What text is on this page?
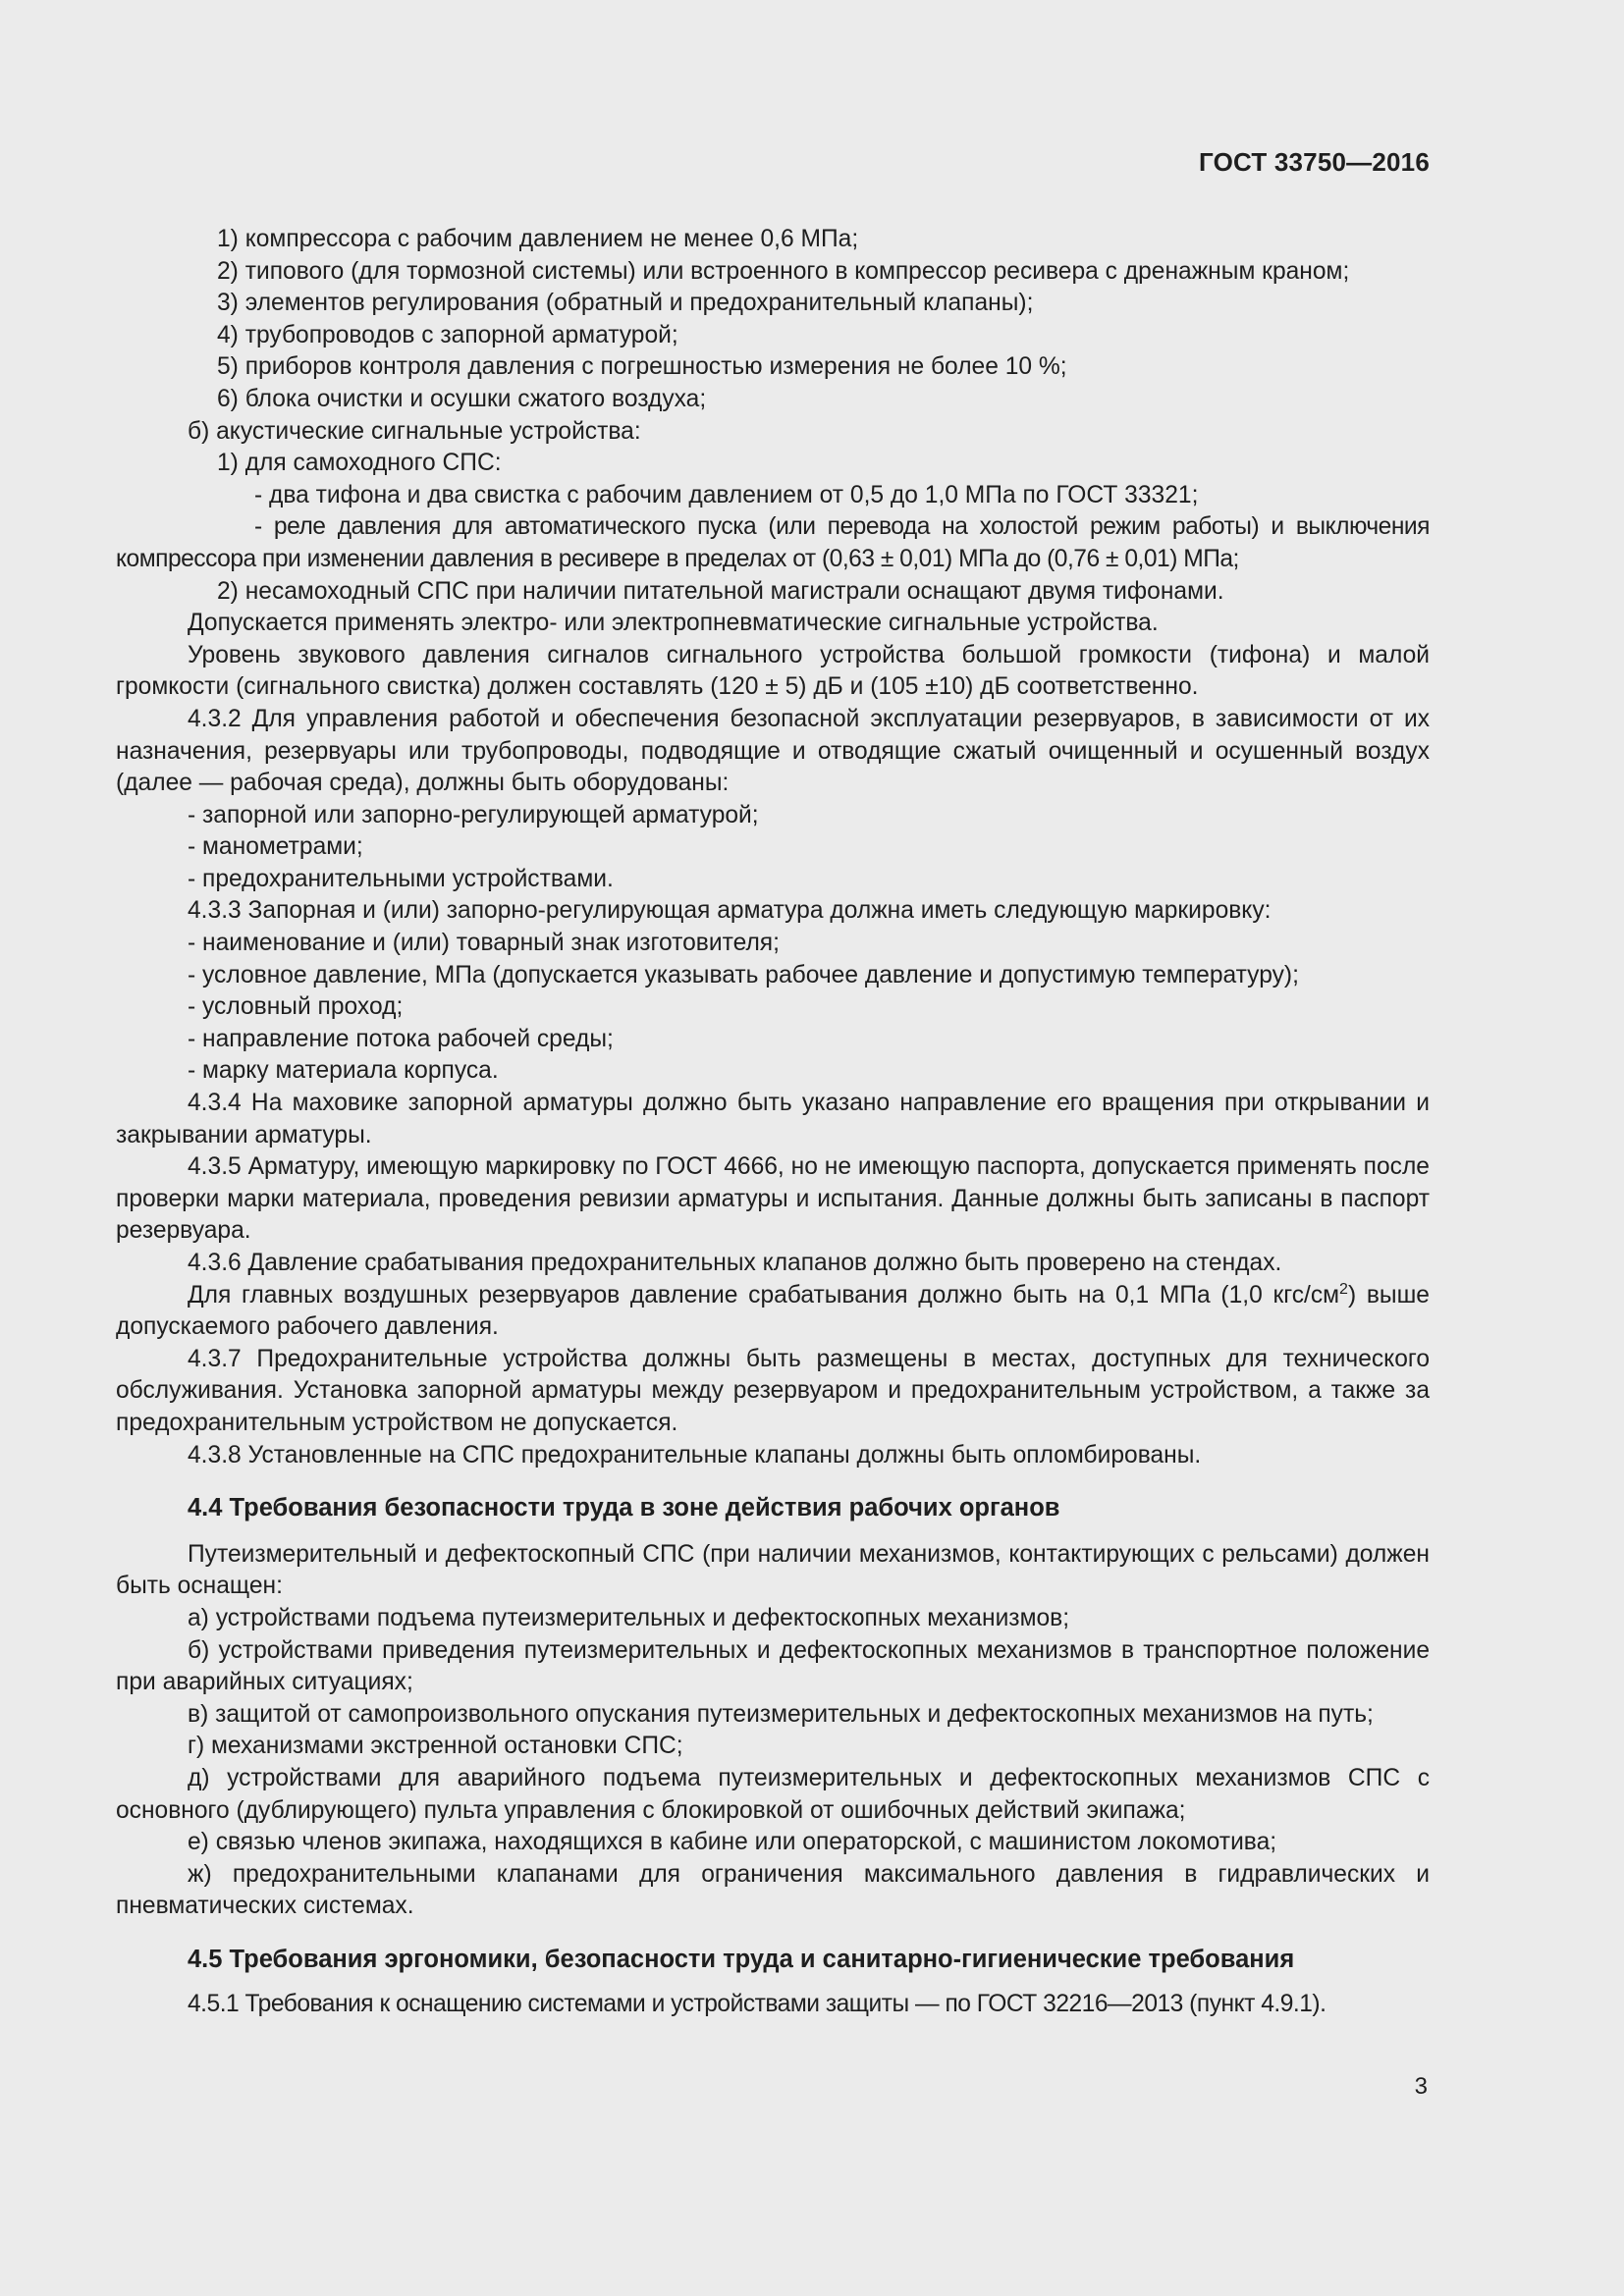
ГОСТ 33750—2016

1) компрессора с рабочим давлением не менее 0,6 МПа;

2) типового (для тормозной системы) или встроенного в компрессор ресивера с дренажным краном;

3) элементов регулирования (обратный и предохранительный клапаны);

4) трубопроводов с запорной арматурой;

5) приборов контроля давления с погрешностью измерения не более 10 %;

6) блока очистки и осушки сжатого воздуха;

б) акустические сигнальные устройства:

1) для самоходного СПС:

- два тифона и два свистка с рабочим давлением от 0,5 до 1,0 МПа по ГОСТ 33321;

- реле давления для автоматического пуска (или перевода на холостой режим работы) и выключения компрессора при изменении давления в ресивере в пределах от (0,63 ± 0,01) МПа до (0,76 ± 0,01) МПа;

2) несамоходный СПС при наличии питательной магистрали оснащают двумя тифонами.

Допускается применять электро- или электропневматические сигнальные устройства.

Уровень звукового давления сигналов сигнального устройства большой громкости (тифона) и малой громкости (сигнального свистка) должен составлять (120 ± 5) дБ и (105 ±10) дБ соответственно.

4.3.2 Для управления работой и обеспечения безопасной эксплуатации резервуаров, в зависимости от их назначения, резервуары или трубопроводы, подводящие и отводящие сжатый очищенный и осушенный воздух (далее — рабочая среда), должны быть оборудованы:

- запорной или запорно-регулирующей арматурой;

- манометрами;

- предохранительными устройствами.

4.3.3 Запорная и (или) запорно-регулирующая арматура должна иметь следующую маркировку:

- наименование и (или) товарный знак изготовителя;

- условное давление, МПа (допускается указывать рабочее давление и допустимую температуру);

- условный проход;

- направление потока рабочей среды;

- марку материала корпуса.

4.3.4 На маховике запорной арматуры должно быть указано направление его вращения при открывании и закрывании арматуры.

4.3.5 Арматуру, имеющую маркировку по ГОСТ 4666, но не имеющую паспорта, допускается применять после проверки марки материала, проведения ревизии арматуры и испытания. Данные должны быть записаны в паспорт резервуара.

4.3.6 Давление срабатывания предохранительных клапанов должно быть проверено на стендах.

Для главных воздушных резервуаров давление срабатывания должно быть на 0,1 МПа (1,0 кгс/$см^2$) выше допускаемого рабочего давления.

4.3.7 Предохранительные устройства должны быть размещены в местах, доступных для технического обслуживания. Установка запорной арматуры между резервуаром и предохранительным устройством, а также за предохранительным устройством не допускается.

4.3.8 Установленные на СПС предохранительные клапаны должны быть опломбированы.

4.4 Требования безопасности труда в зоне действия рабочих органов

Путеизмерительный и дефектоскопный СПС (при наличии механизмов, контактирующих с рельсами) должен быть оснащен:

а) устройствами подъема путеизмерительных и дефектоскопных механизмов;

б) устройствами приведения путеизмерительных и дефектоскопных механизмов в транспортное положение при аварийных ситуациях;

в) защитой от самопроизвольного опускания путеизмерительных и дефектоскопных механизмов на путь;

г) механизмами экстренной остановки СПС;

д) устройствами для аварийного подъема путеизмерительных и дефектоскопных механизмов СПС с основного (дублирующего) пульта управления с блокировкой от ошибочных действий экипажа;

е) связью членов экипажа, находящихся в кабине или операторской, с машинистом локомотива;

ж) предохранительными клапанами для ограничения максимального давления в гидравлических и пневматических системах.

4.5 Требования эргономики, безопасности труда и санитарно-гигиенические требования

4.5.1 Требования к оснащению системами и устройствами защиты — по ГОСТ 32216—2013 (пункт 4.9.1).

3
